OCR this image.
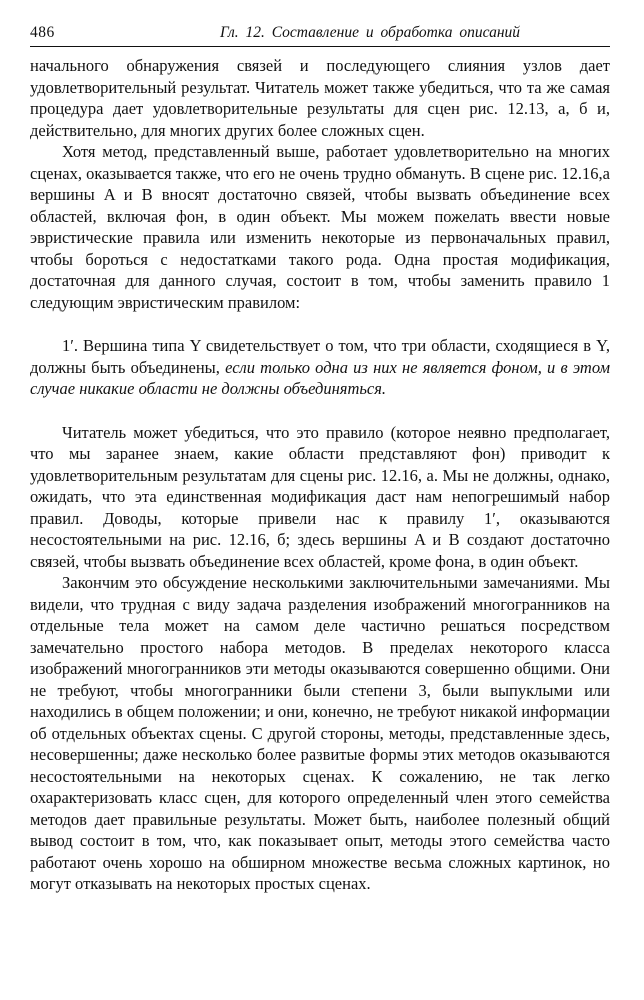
486	Гл. 12. Составление и обработка описаний

начального обнаружения связей и последующего слияния узлов дает удовлетворительный результат. Читатель может также убедиться, что та же самая процедура дает удовлетворительные результаты для сцен рис. 12.13, а, б и, действительно, для многих других более сложных сцен.

Хотя метод, представленный выше, работает удовлетворительно на многих сценах, оказывается также, что его не очень трудно обмануть. В сцене рис. 12.16,а вершины A и B вносят достаточно связей, чтобы вызвать объединение всех областей, включая фон, в один объект. Мы можем пожелать ввести новые эвристические правила или изменить некоторые из первоначальных правил, чтобы бороться с недостатками такого рода. Одна простая модификация, достаточная для данного случая, состоит в том, чтобы заменить правило 1 следующим эвристическим правилом:

1′. Вершина типа Y свидетельствует о том, что три области, сходящиеся в Y, должны быть объединены, если только одна из них не является фоном, и в этом случае никакие области не должны объединяться.

Читатель может убедиться, что это правило (которое неявно предполагает, что мы заранее знаем, какие области представляют фон) приводит к удовлетворительным результатам для сцены рис. 12.16, а. Мы не должны, однако, ожидать, что эта единственная модификация даст нам непогрешимый набор правил. Доводы, которые привели нас к правилу 1′, оказываются несостоятельными на рис. 12.16, б; здесь вершины A и B создают достаточно связей, чтобы вызвать объединение всех областей, кроме фона, в один объект.

Закончим это обсуждение несколькими заключительными замечаниями. Мы видели, что трудная с виду задача разделения изображений многогранников на отдельные тела может на самом деле частично решаться посредством замечательно простого набора методов. В пределах некоторого класса изображений многогранников эти методы оказываются совершенно общими. Они не требуют, чтобы многогранники были степени 3, были выпуклыми или находились в общем положении; и они, конечно, не требуют никакой информации об отдельных объектах сцены. С другой стороны, методы, представленные здесь, несовершенны; даже несколько более развитые формы этих методов оказываются несостоятельными на некоторых сценах. К сожалению, не так легко охарактеризовать класс сцен, для которого определенный член этого семейства методов дает правильные результаты. Может быть, наиболее полезный общий вывод состоит в том, что, как показывает опыт, методы этого семейства часто работают очень хорошо на обширном множестве весьма сложных картинок, но могут отказывать на некоторых простых сценах.
